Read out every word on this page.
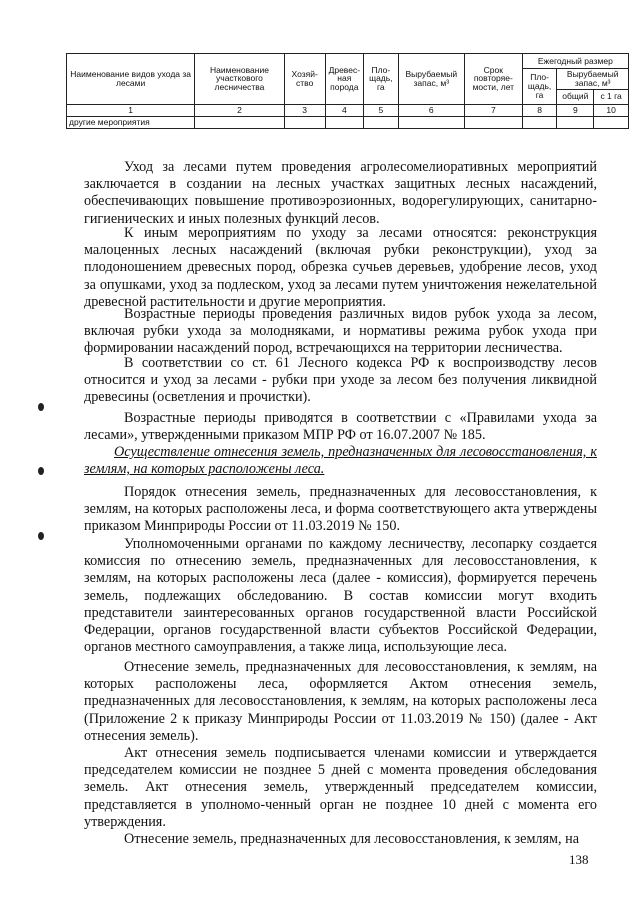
Наименование видов ухода за лесами	Наименование участкового лесничества	Хозяй-ство	Древес-ная порода	Пло-щадь, га	Вырубаемый запас, м³	Срок повторяе-мости, лет	Ежегодный размер		
							Пло-щадь, га	Вырубаемый запас, м³	
								общий	с 1 га
1	2	3	4	5	6	7	8	9	10
другие мероприятия									

Уход за лесами путем проведения агролесомелиоративных мероприятий заключается в создании на лесных участках защитных лесных насаждений, обеспечивающих повышение противоэрозионных, водорегулирующих, санитарно-гигиенических и иных полезных функций лесов.

К иным мероприятиям по уходу за лесами относятся: реконструкция малоценных лесных насаждений (включая рубки реконструкции), уход за плодоношением древесных пород, обрезка сучьев деревьев, удобрение лесов, уход за опушками, уход за подлеском, уход за лесами путем уничтожения нежелательной древесной растительности и другие мероприятия.

Возрастные периоды проведения различных видов рубок ухода за лесом, включая рубки ухода за молодняками, и нормативы режима рубок ухода при формировании насаждений пород, встречающихся на территории лесничества.

В соответствии со ст. 61 Лесного кодекса РФ к воспроизводству лесов относится и уход за лесами - рубки при уходе за лесом без получения ликвидной древесины (осветления и прочистки).

Возрастные периоды приводятся в соответствии с «Правилами ухода за лесами», утвержденными приказом МПР РФ от 16.07.2007 № 185.

Осуществление отнесения земель, предназначенных для лесовосстановления, к землям, на которых расположены леса.

Порядок отнесения земель, предназначенных для лесовосстановления, к землям, на которых расположены леса, и форма соответствующего акта утверждены приказом Минприроды России от 11.03.2019 № 150.

Уполномоченными органами по каждому лесничеству, лесопарку создается комиссия по отнесению земель, предназначенных для лесовосстановления, к землям, на которых расположены леса (далее - комиссия), формируется перечень земель, подлежащих обследованию. В состав комиссии могут входить представители заинтересованных органов государственной власти Российской Федерации, органов государственной власти субъектов Российской Федерации, органов местного самоуправления, а также лица, использующие леса.

Отнесение земель, предназначенных для лесовосстановления, к землям, на которых расположены леса, оформляется Актом отнесения земель, предназначенных для лесовосстановления, к землям, на которых расположены леса (Приложение 2 к приказу Минприроды России от 11.03.2019 № 150) (далее - Акт отнесения земель).

Акт отнесения земель подписывается членами комиссии и утверждается председателем комиссии не позднее 5 дней с момента проведения обследования земель. Акт отнесения земель, утвержденный председателем комиссии, представляется в уполномо-ченный орган не позднее 10 дней с момента его утверждения.

Отнесение земель, предназначенных для лесовосстановления, к землям, на

138
